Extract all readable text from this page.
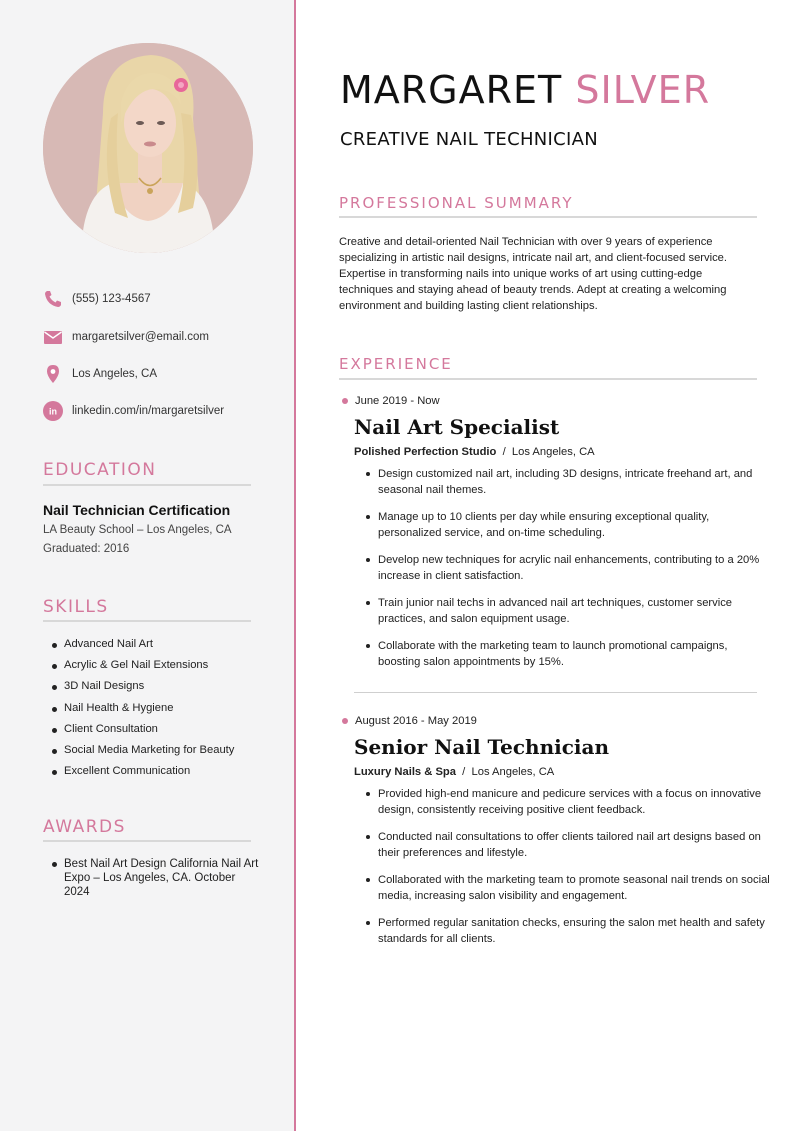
(555) 123-4567
margaretsilver@email.com
Los Angeles, CA
in linkedin.com/in/margaretsilver
EDUCATION
Nail Technician Certification
LA Beauty School – Los Angeles, CA
Graduated: 2016
SKILLS
Advanced Nail Art
Acrylic & Gel Nail Extensions
3D Nail Designs
Nail Health & Hygiene
Client Consultation
Social Media Marketing for Beauty
Excellent Communication
AWARDS
Best Nail Art Design California Nail Art Expo – Los Angeles, CA. October 2024
MARGARET SILVER
CREATIVE NAIL TECHNICIAN
PROFESSIONAL SUMMARY

Creative and detail-oriented Nail Technician with over 9 years of experience specializing in artistic nail designs, intricate nail art, and client-focused service. Expertise in transforming nails into unique works of art using cutting-edge techniques and staying ahead of beauty trends. Adept at creating a welcoming environment and building lasting client relationships.

EXPERIENCE
June 2019 - Now
Nail Art Specialist
Polished Perfection Studio  /  Los Angeles, CA
Design customized nail art, including 3D designs, intricate freehand art, and seasonal nail themes.
Manage up to 10 clients per day while ensuring exceptional quality, personalized service, and on-time scheduling.
Develop new techniques for acrylic nail enhancements, contributing to a 20% increase in client satisfaction.
Train junior nail techs in advanced nail art techniques, customer service practices, and salon equipment usage.
Collaborate with the marketing team to launch promotional campaigns, boosting salon appointments by 15%.
August 2016 - May 2019
Senior Nail Technician
Luxury Nails & Spa  /  Los Angeles, CA
Provided high-end manicure and pedicure services with a focus on innovative design, consistently receiving positive client feedback.
Conducted nail consultations to offer clients tailored nail art designs based on their preferences and lifestyle.
Collaborated with the marketing team to promote seasonal nail trends on social media, increasing salon visibility and engagement.
Performed regular sanitation checks, ensuring the salon met health and safety standards for all clients.
